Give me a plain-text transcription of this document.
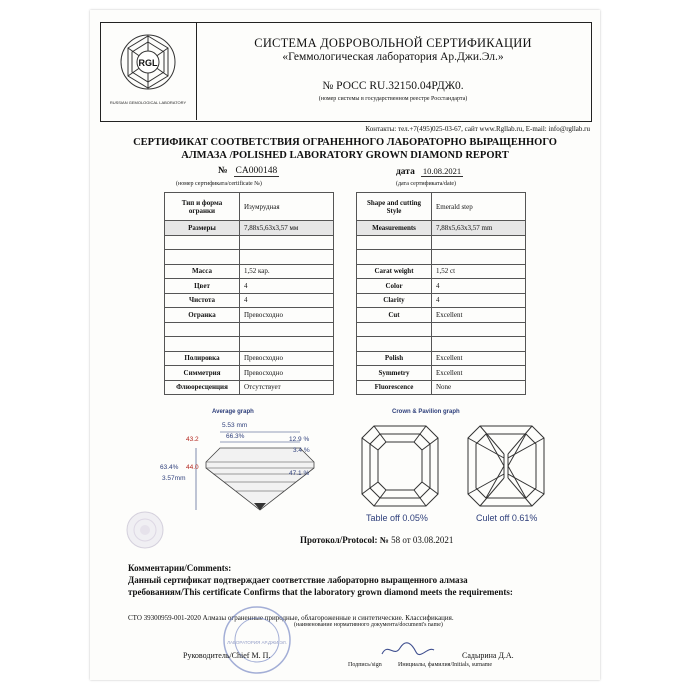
RGL
RUSSIAN GEMOLOGICAL LABORATORY
СИСТЕМА ДОБРОВОЛЬНОЙ СЕРТИФИКАЦИИ
«Геммологическая лаборатория Ар.Джи.Эл.»
№ РОСС RU.32150.04РДЖ0.
(номер системы в государственном реестре Росстандарта)
Контакты: тел.+7(495)025-03-67, сайт www.Rgllab.ru, E-mail: info@rgllab.ru
СЕРТИФИКАТ СООТВЕТСТВИЯ ОГРАНЕННОГО ЛАБОРАТОРНО ВЫРАЩЕННОГО
АЛМАЗА /POLISHED LABORATORY GROWN DIAMOND REPORT
№ CA000148
(номер сертификата/certificate №)
дата 10.08.2021
(дата сертификата/date)
Тип и форма огранки	Изумрудная
Размеры	7,88x5,63x3,57 мм

Масса	1,52 кар.
Цвет	4
Чистота	4
Огранка	Превосходно

Полировка	Превосходно
Симметрия	Превосходно
Флюоресценция	Отсутствует
Shape and cutting Style	Emerald step
Measurements	7,88x5,63x3,57 mm

Carat weight	1,52 ct
Color	4
Clarity	4
Cut	Excellent

Polish	Excellent
Symmetry	Excellent
Fluorescence	None
Average graph
5.53 mm
66.3%
43.2	12.9 %
3.4 %
63.4% 44.0
47.1 %
3.57mm
Crown & Pavilion graph
Table off 0.05%	Culet off 0.61%
Протокол/Protocol: № 58 от 03.08.2021
Комментарии/Comments:
Данный сертификат подтверждает соответствие лабораторно выращенного алмаза
требованиям/This certificate Confirms that the laboratory grown diamond meets the requirements:
СТО 39300959-001-2020 Алмазы ограненные природные, облагороженные и синтетические. Классификация.
(наименование нормативного документа/document's name)
ЛАБОРАТОРИЯ АР.ДЖИ.ЭЛ.
Руководитель/Chief М. П.	Садырина Д.А.
Подпись/sign	Инициалы, фамилия/Initials, surname
